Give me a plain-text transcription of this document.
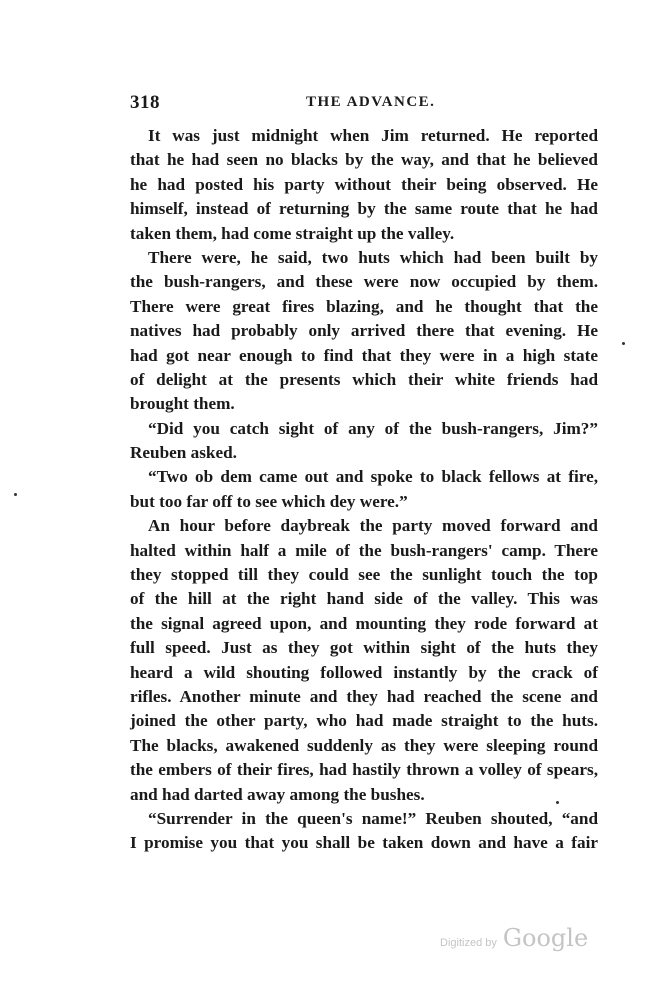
318	THE ADVANCE.
It was just midnight when Jim returned. He reported
that he had seen no blacks by the way, and that he believed
he had posted his party without their being observed. He
himself, instead of returning by the same route that he had
taken them, had come straight up the valley.
There were, he said, two huts which had been built by
the bush-rangers, and these were now occupied by them.
There were great fires blazing, and he thought that the
natives had probably only arrived there that evening. He
had got near enough to find that they were in a high state
of delight at the presents which their white friends had
brought them.
“Did you catch sight of any of the bush-rangers, Jim?”
Reuben asked.
“Two ob dem came out and spoke to black fellows at fire,
but too far off to see which dey were.”
An hour before daybreak the party moved forward and
halted within half a mile of the bush-rangers' camp. There
they stopped till they could see the sunlight touch the top
of the hill at the right hand side of the valley. This was
the signal agreed upon, and mounting they rode forward at
full speed. Just as they got within sight of the huts they
heard a wild shouting followed instantly by the crack of
rifles. Another minute and they had reached the scene and
joined the other party, who had made straight to the huts.
The blacks, awakened suddenly as they were sleeping round
the embers of their fires, had hastily thrown a volley of spears,
and had darted away among the bushes.
“Surrender in the queen's name!” Reuben shouted, “and
I promise you that you shall be taken down and have a fair
Digitized by Google
